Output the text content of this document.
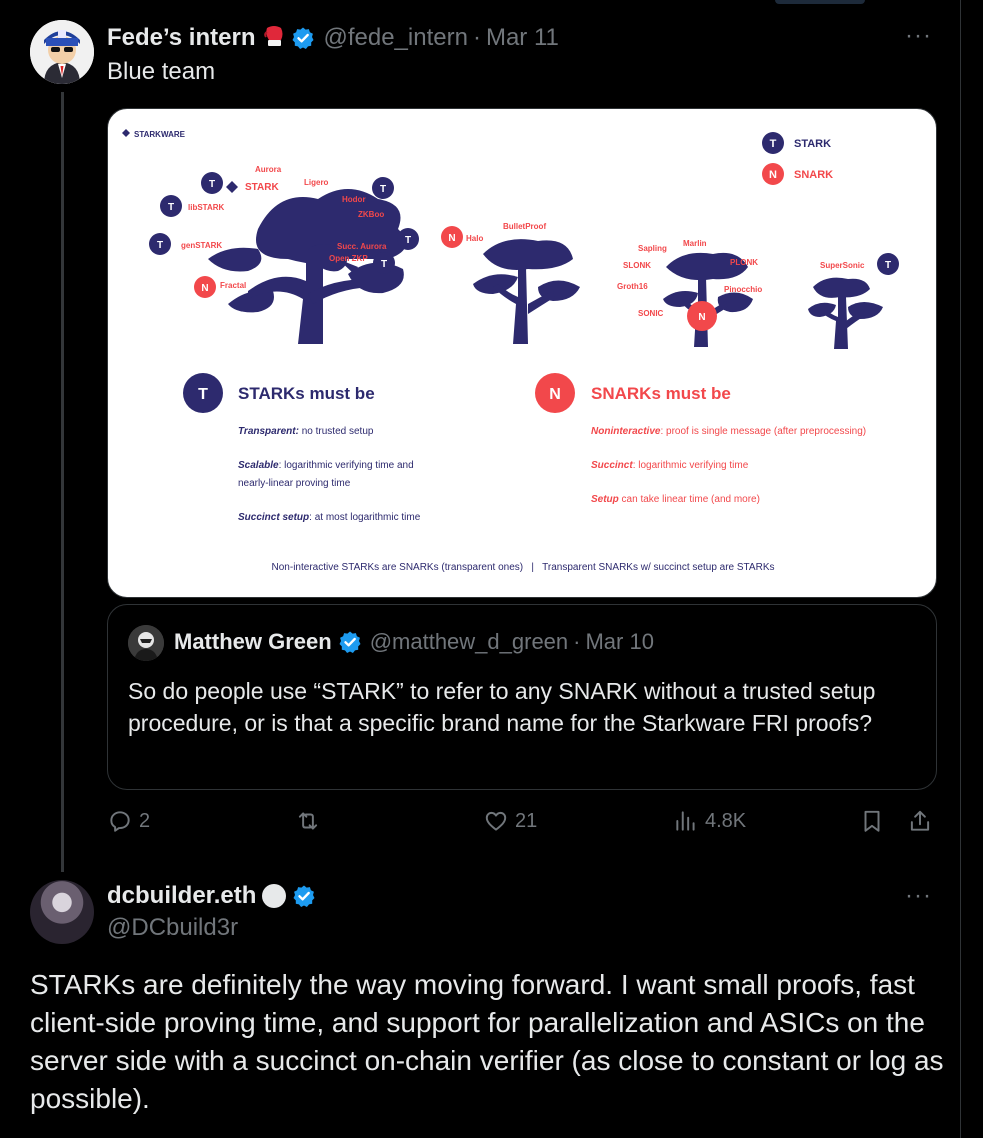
Fede’s intern	@fede_intern · Mar 11	···
Blue team
STARKWARE
T STARK
N SNARK
Aurora
STARK	Ligero
Hodor
ZKBoo
libSTARK
genSTARK	Succ. Aurora
Open ZKP
Fractal
T
T
T
T
T
T
N
N Halo
BulletProof
Sapling
Marlin
SLONK	PLONK
Groth16	Pinocchio
SONIC	N
SuperSonic T
T STARKs must be
Transparent: no trusted setup
Scalable: logarithmic verifying time and
nearly-linear proving time
Succinct setup: at most logarithmic time
N SNARKs must be
Noninteractive: proof is single message (after preprocessing)
Succinct: logarithmic verifying time
Setup can take linear time (and more)
Non-interactive STARKs are SNARKs (transparent ones)   |   Transparent SNARKs w/ succinct setup are STARKs
Matthew Green @matthew_d_green · Mar 10
So do people use “STARK” to refer to any SNARK without a trusted setup procedure, or is that a specific brand name for the Starkware FRI proofs?
2	21	4.8K
dcbuilder.eth
@DCbuild3r
···
STARKs are definitely the way moving forward. I want small proofs, fast client-side proving time, and support for parallelization and ASICs on the server side with a succinct on-chain verifier (as close to constant or log as possible).
